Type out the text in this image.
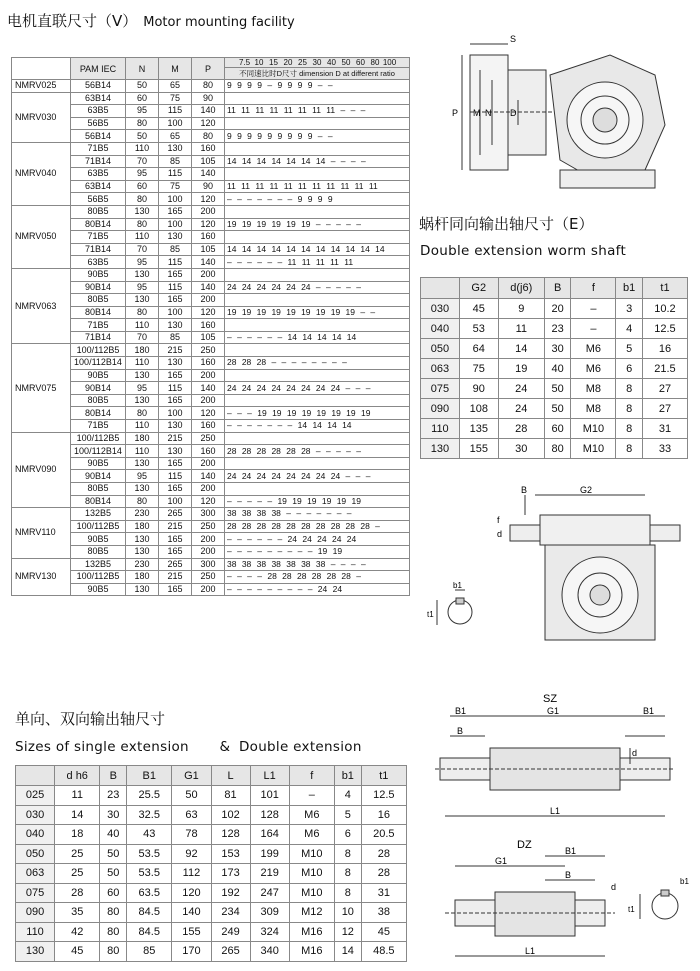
电机直联尺寸（V） Motor mounting facility
	PAM IEC	N	M	P	7.5 10 15 20 25 30 40 50 60 80 100
					不同速比时D尺寸 dimension D at different ratio
NMRV025	56B14	50	65	80	9 9 9 9 – 9 9 9 9 – –
NMRV030	63B14	60	75	90	
	63B5	95	115	140	11 11 11 11 11 11 11 11 – – –
	56B5	80	100	120	
	56B14	50	65	80	9 9 9 9 9 9 9 9 9 – –
NMRV040	71B5	110	130	160	
	71B14	70	85	105	14 14 14 14 14 14 14 – – – –
	63B5	95	115	140	
	63B14	60	75	90	11 11 11 11 11 11 11 11 11 11 11
	56B5	80	100	120	– – – – – – – 9 9 9 9
NMRV050	80B5	130	165	200	
	80B14	80	100	120	19 19 19 19 19 19 – – – – –
	71B5	110	130	160	
	71B14	70	85	105	14 14 14 14 14 14 14 14 14 14 14
	63B5	95	115	140	– – – – – – 11 11 11 11 11
NMRV063	90B5	130	165	200	
	90B14	95	115	140	24 24 24 24 24 24 – – – – –
	80B5	130	165	200	
	80B14	80	100	120	19 19 19 19 19 19 19 19 19 – –
	71B5	110	130	160	
	71B14	70	85	105	– – – – – – 14 14 14 14 14
NMRV075	100/112B5	180	215	250	
	100/112B14	110	130	160	28 28 28 – – – – – – – –
	90B5	130	165	200	
	90B14	95	115	140	24 24 24 24 24 24 24 24 – – –
	80B5	130	165	200	
	80B14	80	100	120	– – – 19 19 19 19 19 19 19 19
	71B5	110	130	160	– – – – – – – 14 14 14 14
NMRV090	100/112B5	180	215	250	
	100/112B14	110	130	160	28 28 28 28 28 28 – – – – –
	90B5	130	165	200	
	90B14	95	115	140	24 24 24 24 24 24 24 24 – – –
	80B5	130	165	200	
	80B14	80	100	120	– – – – – 19 19 19 19 19 19
NMRV110	132B5	230	265	300	38 38 38 38 – – – – – – –
	100/112B5	180	215	250	28 28 28 28 28 28 28 28 28 28 –
	90B5	130	165	200	– – – – – – 24 24 24 24 24
	80B5	130	165	200	– – – – – – – – – 19 19
NMRV130	132B5	230	265	300	38 38 38 38 38 38 38 – – – –
	100/112B5	180	215	250	– – – – 28 28 28 28 28 28 –
	90B5	130	165	200	– – – – – – – – – 24 24
蜗杆同向输出轴尺寸（E）
Double extension worm shaft
	G2	d(j6)	B	f	b1	t1
030	45	9	20	–	3	10.2
040	53	11	23	–	4	12.5
050	64	14	30	M6	5	16
063	75	19	40	M6	6	21.5
075	90	24	50	M8	8	27
090	108	24	50	M8	8	27
110	135	28	60	M10	8	31
130	155	30	80	M10	8	33
单向、双向输出轴尺寸
Sizes of single extension & Double extension
	d h6	B	B1	G1	L	L1	f	b1	t1
025	11	23	25.5	50	81	101	–	4	12.5
030	14	30	32.5	63	102	128	M6	5	16
040	18	40	43	78	128	164	M6	6	20.5
050	25	50	53.5	92	153	199	M10	8	28
063	25	50	53.5	112	173	219	M10	8	28
075	28	60	63.5	120	192	247	M10	8	31
090	35	80	84.5	140	234	309	M12	10	38
110	42	80	84.5	155	249	324	M16	12	45
130	45	80	85	170	265	340	M16	14	48.5
S
P M N D
B	G2
d
f
b1
t1
SZ
B1	G1	B1
B
d
L1
DZ
G1
B1
B
L1
d
t1
b1
